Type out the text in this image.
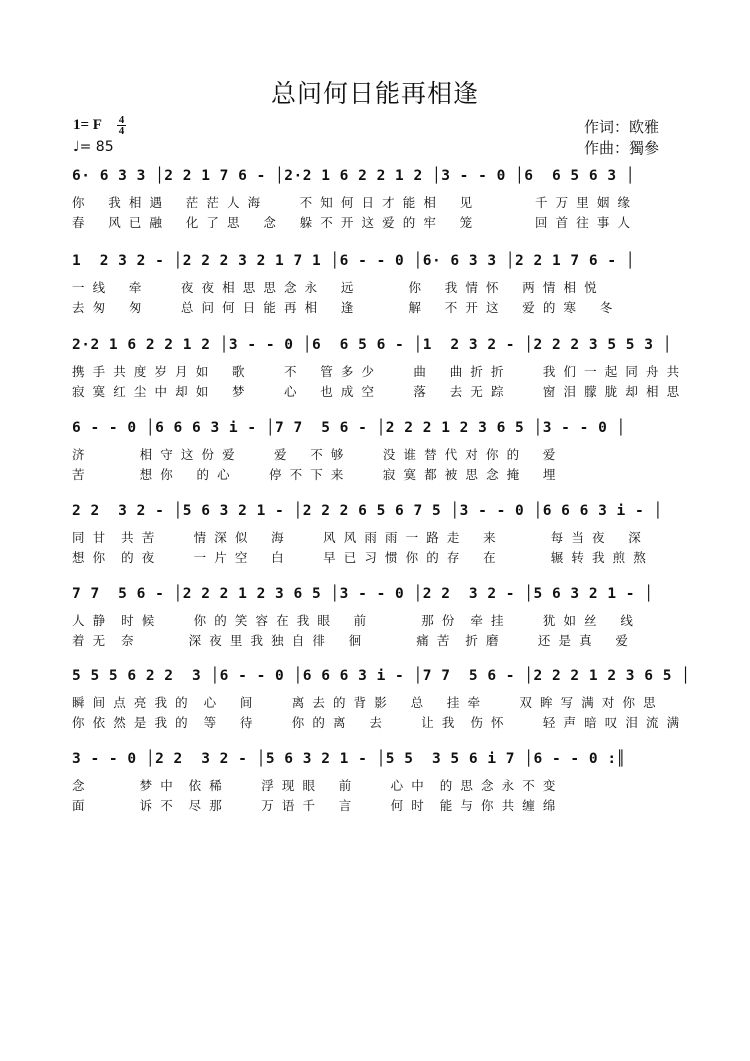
总问何日能再相逢
1= F 4
4
♩= 85
作词：欧雅
作曲：獨參
6· 6 3 3 │2 2 1 7 6 - │2·2 1 6 2 2 1 2 │3 - - 0 │6  6 5 6 3 │
你   我 相 遇   茫 茫 人 海     不 知 何 日 才 能 相   见        千 万 里 姻 缘
春   风 已 融   化 了 思   念   躲 不 开 这 爱 的 牢   笼        回 首 往 事 人
1  2 3 2 - │2 2 2 3 2 1 7 1 │6 - - 0 │6· 6 3 3 │2 2 1 7 6 - │
一 线   牵     夜 夜 相 思 思 念 永   远       你   我 情 怀   两 情 相 悦
去 匆   匆     总 问 何 日 能 再 相   逢       解   不 开 这   爱 的 寒   冬
2·2 1 6 2 2 1 2 │3 - - 0 │6  6 5 6 - │1  2 3 2 - │2 2 2 3 5 5 3 │
携 手 共 度 岁 月 如   歌     不   管 多 少     曲   曲 折 折     我 们 一 起 同 舟 共
寂 寞 红 尘 中 却 如   梦     心   也 成 空     落   去 无 踪     窗 泪 朦 胧 却 相 思
6 - - 0 │6 6 6 3 i - │7 7  5 6 - │2 2 2 1 2 3 6 5 │3 - - 0 │
济       相 守 这 份 爱     爱   不 够     没 谁 替 代 对 你 的   爱
苦       想 你   的 心     停 不 下 来     寂 寞 都 被 思 念 掩   埋
2 2  3 2 - │5 6 3 2 1 - │2 2 2 6 5 6 7 5 │3 - - 0 │6 6 6 3 i - │
同 甘  共 苦     情 深 似   海     风 风 雨 雨 一 路 走   来       每 当 夜   深
想 你  的 夜     一 片 空   白     早 已 习 惯 你 的 存   在       辗 转 我 煎 熬
7 7  5 6 - │2 2 2 1 2 3 6 5 │3 - - 0 │2 2  3 2 - │5 6 3 2 1 - │
人 静  时 候     你 的 笑 容 在 我 眼   前       那 份  牵 挂     犹 如 丝   线
着 无  奈       深 夜 里 我 独 自 徘   徊       痛 苦  折 磨     还 是 真   爱
5 5 5 6 2 2  3 │6 - - 0 │6 6 6 3 i - │7 7  5 6 - │2 2 2 1 2 3 6 5 │
瞬 间 点 亮 我 的  心   间     离 去 的 背 影   总   挂 牵     双 眸 写 满 对 你 思
你 依 然 是 我 的  等   待     你 的 离   去     让 我  伤 怀     轻 声 暗 叹 泪 流 满
3 - - 0 │2 2  3 2 - │5 6 3 2 1 - │5 5  3 5 6 i 7 │6 - - 0 :║
念       梦 中  依 稀     浮 现 眼   前     心 中  的 思 念 永 不 变
面       诉 不  尽 那     万 语 千   言     何 时  能 与 你 共 缠 绵
